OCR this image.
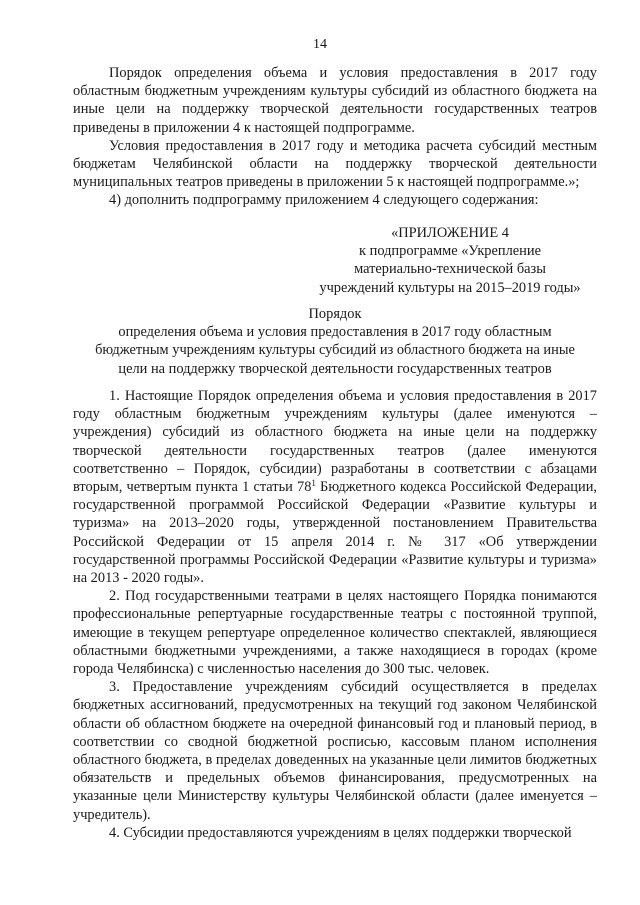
14

Порядок определения объема и условия предоставления в 2017 году областным бюджетным учреждениям культуры субсидий из областного бюджета на иные цели на поддержку творческой деятельности государственных театров приведены в приложении 4 к настоящей подпрограмме.

Условия предоставления в 2017 году и методика расчета субсидий местным бюджетам Челябинской области на поддержку творческой деятельности муниципальных театров приведены в приложении 5 к настоящей подпрограмме.»;

4) дополнить подпрограмму приложением 4 следующего содержания:

«ПРИЛОЖЕНИЕ 4
к подпрограмме «Укрепление
материально-технической базы
учреждений культуры на 2015–2019 годы»
Порядок
определения объема и условия предоставления в 2017 году областным
бюджетным учреждениям культуры субсидий из областного бюджета на иные
цели на поддержку творческой деятельности государственных театров

1. Настоящие Порядок определения объема и условия предоставления в 2017 году областным бюджетным учреждениям культуры (далее именуются – учреждения) субсидий из областного бюджета на иные цели на поддержку творческой деятельности государственных театров (далее именуются соответственно – Порядок, субсидии) разработаны в соответствии с абзацами вторым, четвертым пункта 1 статьи $78^1$ Бюджетного кодекса Российской Федерации, государственной программой Российской Федерации «Развитие культуры и туризма» на 2013–2020 годы, утвержденной постановлением Правительства Российской Федерации от 15 апреля 2014 г. № 317 «Об утверждении государственной программы Российской Федерации «Развитие культуры и туризма» на 2013 - 2020 годы».

2. Под государственными театрами в целях настоящего Порядка понимаются профессиональные репертуарные государственные театры с постоянной труппой, имеющие в текущем репертуаре определенное количество спектаклей, являющиеся областными бюджетными учреждениями, а также находящиеся в городах (кроме города Челябинска) с численностью населения до 300 тыс. человек.

3. Предоставление учреждениям субсидий осуществляется в пределах бюджетных ассигнований, предусмотренных на текущий год законом Челябинской области об областном бюджете на очередной финансовый год и плановый период, в соответствии со сводной бюджетной росписью, кассовым планом исполнения областного бюджета, в пределах доведенных на указанные цели лимитов бюджетных обязательств и предельных объемов финансирования, предусмотренных на указанные цели Министерству культуры Челябинской области (далее именуется – учредитель).

4. Субсидии предоставляются учреждениям в целях поддержки творческой
